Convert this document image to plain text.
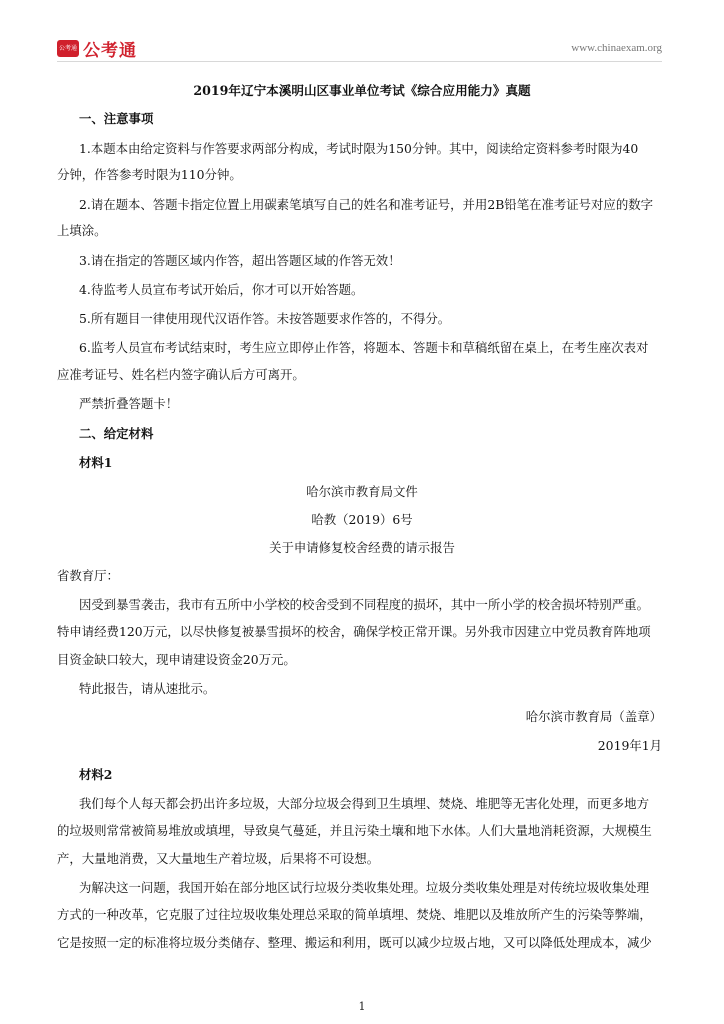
公考通 公考通	www.chinaexam.org
2019年辽宁本溪明山区事业单位考试《综合应用能力》真题
一、注意事项
1.本题本由给定资料与作答要求两部分构成，考试时限为150分钟。其中，阅读给定资料参考时限为40
分钟，作答参考时限为110分钟。
2.请在题本、答题卡指定位置上用碳素笔填写自己的姓名和准考证号，并用2B铅笔在准考证号对应的数字
上填涂。
3.请在指定的答题区域内作答，超出答题区域的作答无效！
4.待监考人员宣布考试开始后，你才可以开始答题。
5.所有题目一律使用现代汉语作答。未按答题要求作答的，不得分。
6.监考人员宣布考试结束时，考生应立即停止作答，将题本、答题卡和草稿纸留在桌上，在考生座次表对
应准考证号、姓名栏内签字确认后方可离开。
严禁折叠答题卡！
二、给定材料
材料1
哈尔滨市教育局文件
哈教（2019）6号
关于申请修复校舍经费的请示报告
省教育厅：
因受到暴雪袭击，我市有五所中小学校的校舍受到不同程度的损坏，其中一所小学的校舍损坏特别严重。
特申请经费120万元，以尽快修复被暴雪损坏的校舍，确保学校正常开课。另外我市因建立中党员教育阵地项
目资金缺口较大，现申请建设资金20万元。
特此报告，请从速批示。
哈尔滨市教育局（盖章）
2019年1月
材料2
我们每个人每天都会扔出许多垃圾，大部分垃圾会得到卫生填埋、焚烧、堆肥等无害化处理，而更多地方
的垃圾则常常被简易堆放或填埋，导致臭气蔓延，并且污染土壤和地下水体。人们大量地消耗资源，大规模生
产，大量地消费，又大量地生产着垃圾，后果将不可设想。
为解决这一问题，我国开始在部分地区试行垃圾分类收集处理。垃圾分类收集处理是对传统垃圾收集处理
方式的一种改革，它克服了过往垃圾收集处理总采取的简单填埋、焚烧、堆肥以及堆放所产生的污染等弊端，
它是按照一定的标准将垃圾分类储存、整理、搬运和利用，既可以减少垃圾占地，又可以降低处理成本，减少
1
